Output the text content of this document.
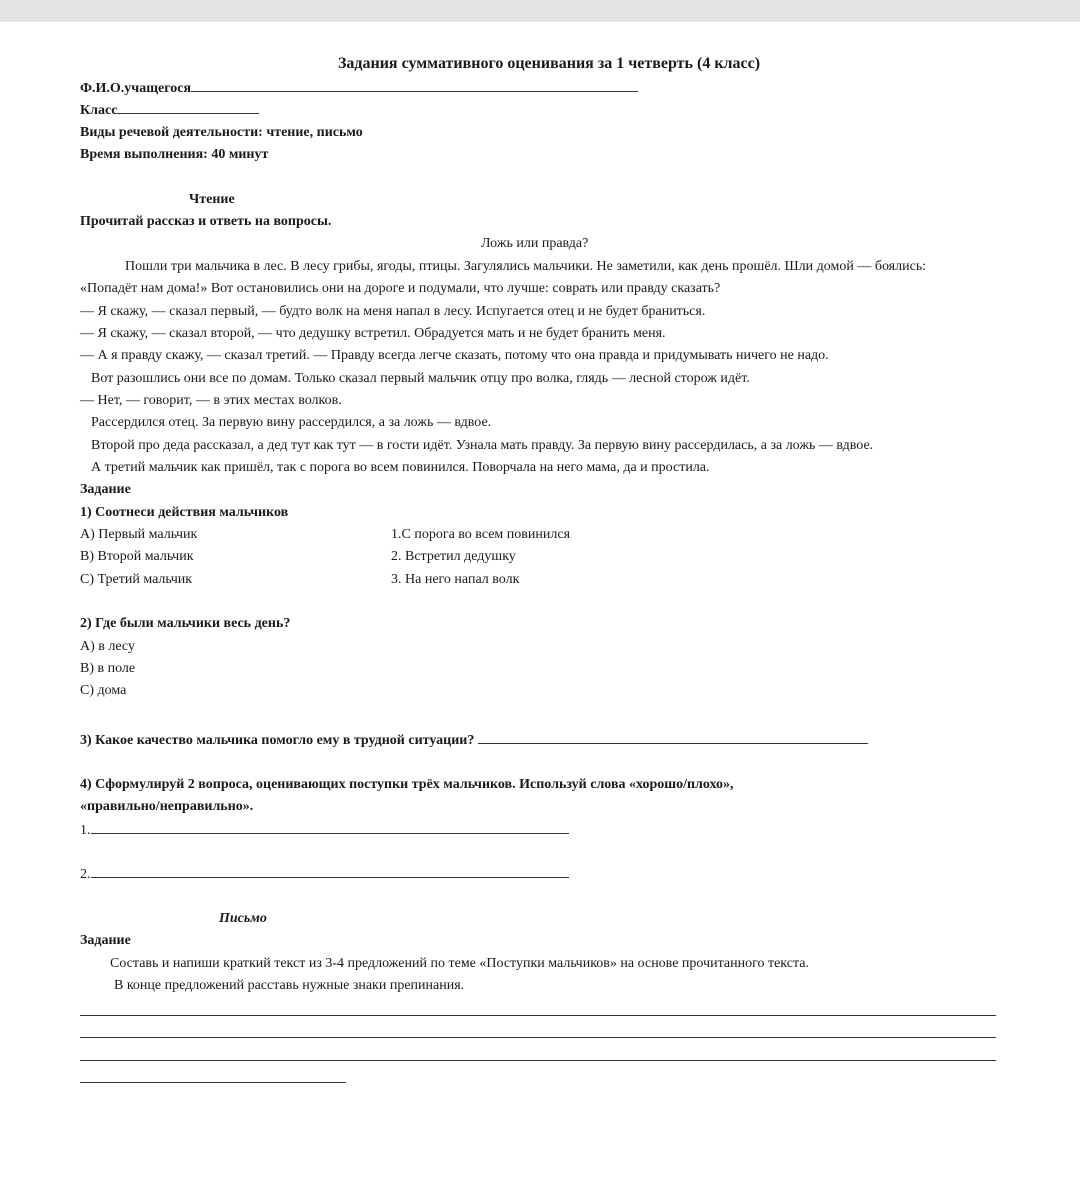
Задания суммативного оценивания за 1 четверть (4 класс)
Ф.И.О.учащегося
Класс
Виды речевой деятельности: чтение, письмо
Время выполнения: 40 минут
Чтение
Прочитай рассказ и ответь на вопросы.
Ложь или правда?
Пошли три мальчика в лес. В лесу грибы, ягоды, птицы. Загулялись мальчики. Не заметили, как день прошёл. Шли домой — боялись:
«Попадёт нам дома!» Вот остановились они на дороге и подумали, что лучше: соврать или правду сказать?
— Я скажу, — сказал первый, — будто волк на меня напал в лесу. Испугается отец и не будет браниться.
— Я скажу, — сказал второй, — что дедушку встретил. Обрадуется мать и не будет бранить меня.
— А я правду скажу, — сказал третий. — Правду всегда легче сказать, потому что она правда и придумывать ничего не надо.
Вот разошлись они все по домам. Только сказал первый мальчик отцу про волка, глядь — лесной сторож идёт.
— Нет, — говорит, — в этих местах волков.
Рассердился отец. За первую вину рассердился, а за ложь — вдвое.
Второй про деда рассказал, а дед тут как тут — в гости идёт. Узнала мать правду. За первую вину рассердилась, а за ложь — вдвое.
А третий мальчик как пришёл, так с порога во всем повинился. Поворчала на него мама, да и простила.
Задание
1) Соотнеси действия мальчиков
А) Первый мальчик
В) Второй мальчик
С) Третий мальчик
1.С порога во всем повинился
2. Встретил дедушку
3. На него напал волк
2) Где были мальчики весь день?
А) в лесу
В) в поле
С) дома
3) Какое качество мальчика помогло ему в трудной ситуации?
4) Сформулируй 2 вопроса, оценивающих поступки трёх мальчиков. Используй слова «хорошо/плохо»,
«правильно/неправильно».
1.
2.
Письмо
Задание
Составь и напиши краткий текст из 3-4 предложений по теме «Поступки мальчиков» на основе прочитанного текста.
В конце предложений расставь нужные знаки препинания.
